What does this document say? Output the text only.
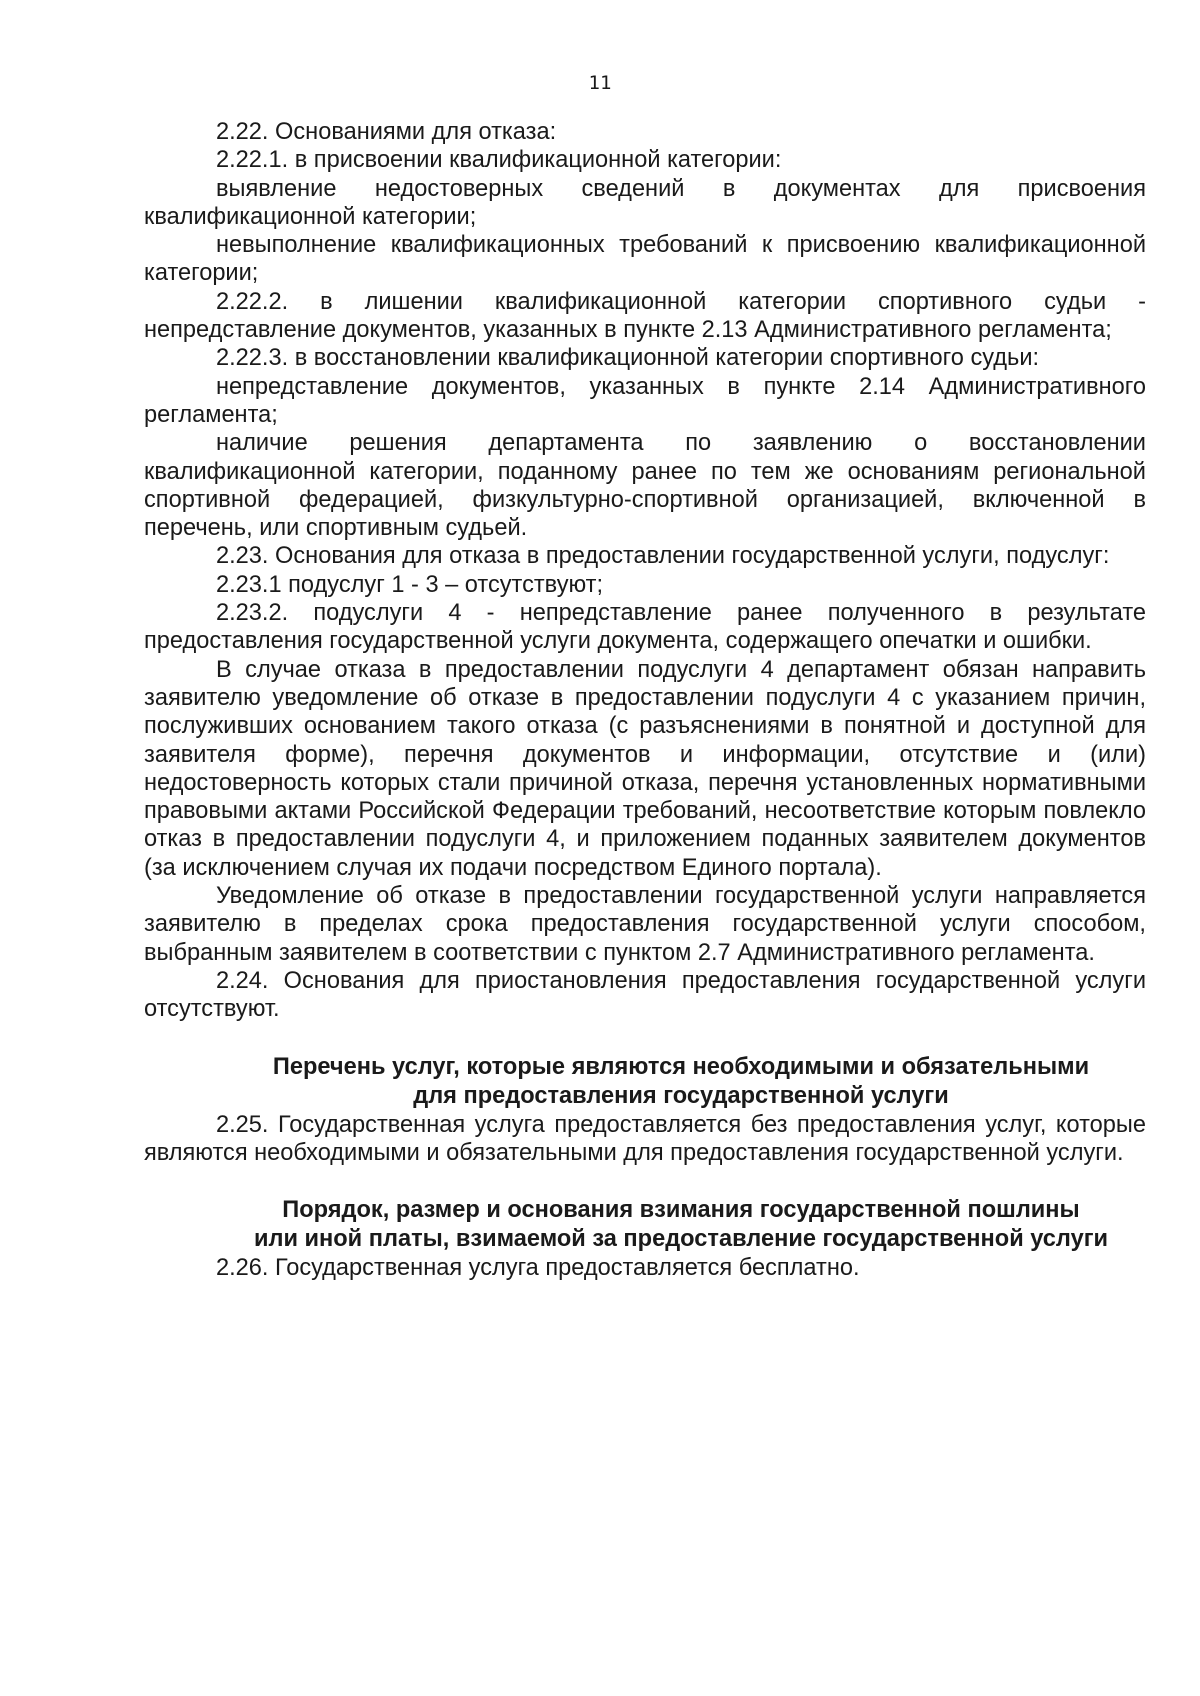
11

2.22. Основаниями для отказа:

2.22.1. в присвоении квалификационной категории:

выявление недостоверных сведений в документах для присвоения квалификационной категории;

невыполнение квалификационных требований к присвоению квалификационной категории;

2.22.2. в лишении квалификационной категории спортивного судьи - непредставление документов, указанных в пункте 2.13 Административного регламента;

2.22.3. в восстановлении квалификационной категории спортивного судьи:

непредставление документов, указанных в пункте 2.14 Административного регламента;

наличие решения департамента по заявлению о восстановлении квалификационной категории, поданному ранее по тем же основаниям региональной спортивной федерацией, физкультурно-спортивной организацией, включенной в перечень, или спортивным судьей.

2.23. Основания для отказа в предоставлении государственной услуги, подуслуг:

2.23.1 подуслуг 1 - 3 – отсутствуют;

2.23.2. подуслуги 4 - непредставление ранее полученного в результате предоставления государственной услуги документа, содержащего опечатки и ошибки.

В случае отказа в предоставлении подуслуги 4 департамент обязан направить заявителю уведомление об отказе в предоставлении подуслуги 4 с указанием причин, послуживших основанием такого отказа (с разъяснениями в понятной и доступной для заявителя форме), перечня документов и информации, отсутствие и (или) недостоверность которых стали причиной отказа, перечня установленных нормативными правовыми актами Российской Федерации требований, несоответствие которым повлекло отказ в предоставлении подуслуги 4, и приложением поданных заявителем документов (за исключением случая их подачи посредством Единого портала).

Уведомление об отказе в предоставлении государственной услуги направляется заявителю в пределах срока предоставления государственной услуги способом, выбранным заявителем в соответствии с пунктом 2.7 Административного регламента.

2.24. Основания для приостановления предоставления государственной услуги отсутствуют.

Перечень услуг, которые являются необходимыми и обязательными
для предоставления государственной услуги

2.25. Государственная услуга предоставляется без предоставления услуг, которые являются необходимыми и обязательными для предоставления государственной услуги.

Порядок, размер и основания взимания государственной пошлины
или иной платы, взимаемой за предоставление государственной услуги

2.26. Государственная услуга предоставляется бесплатно.
